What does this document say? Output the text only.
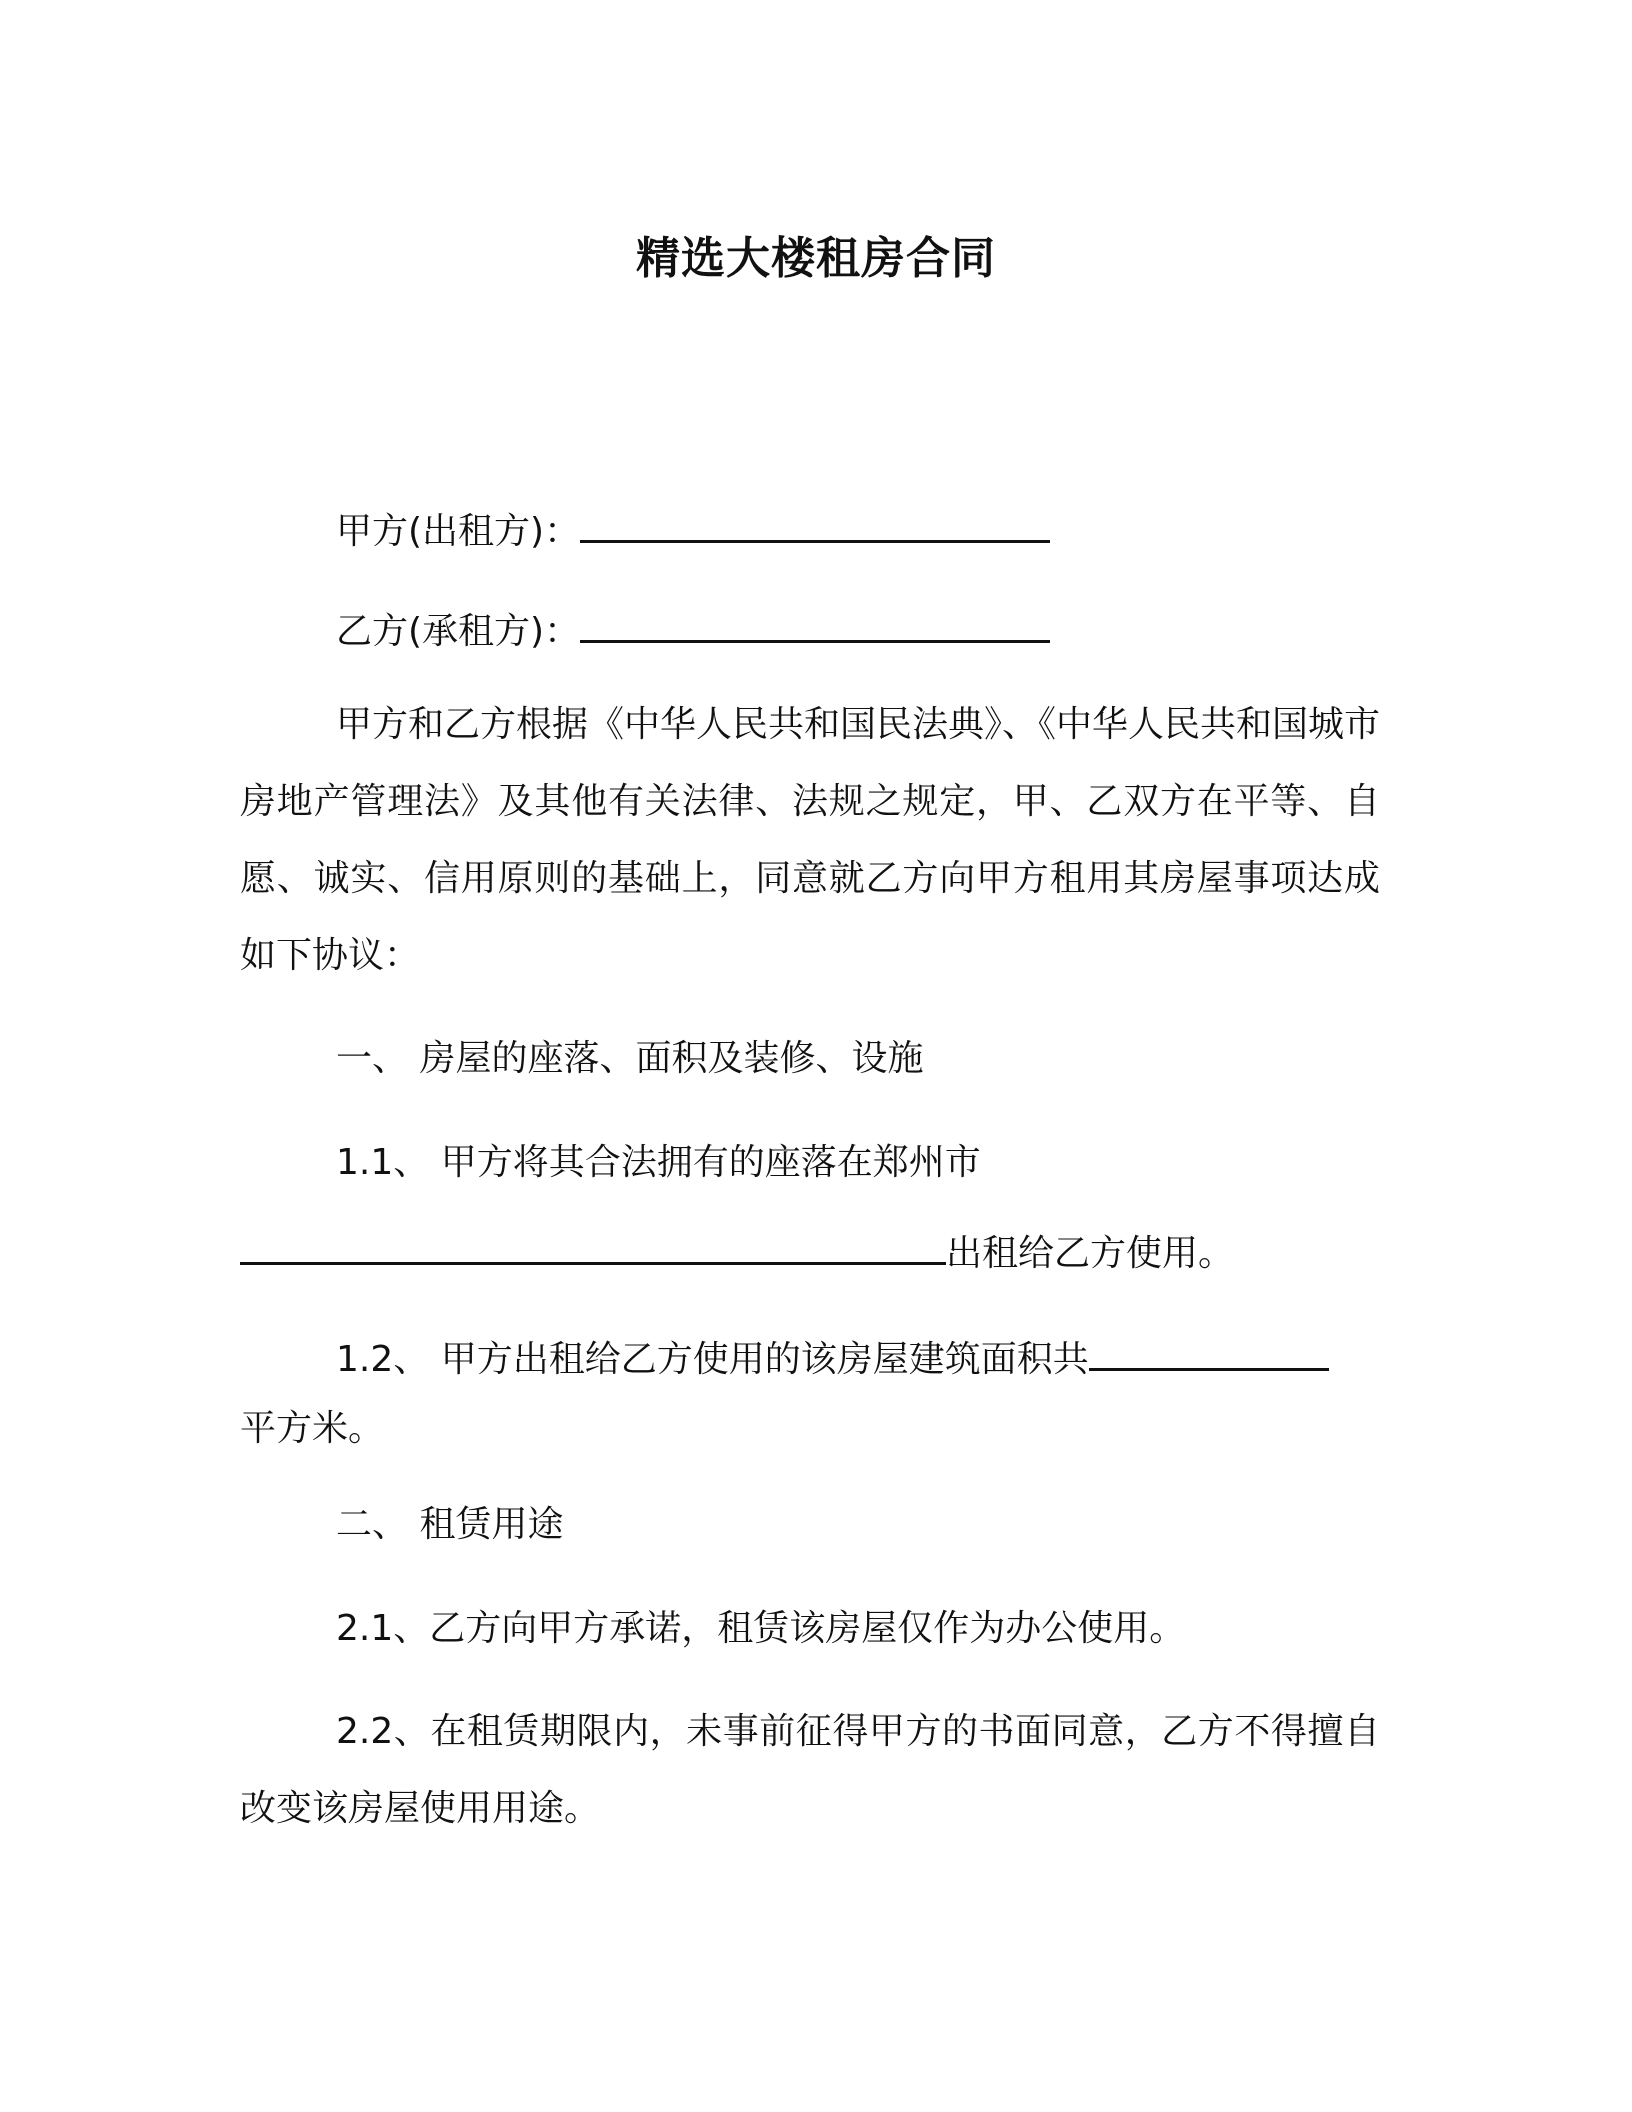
精选大楼租房合同
甲方(出租方)：
乙方(承租方)：
甲方和乙方根据《中华人民共和国民法典》、《中华人民共和国城市房地产管理法》及其他有关法律、法规之规定，甲、乙双方在平等、自愿、诚实、信用原则的基础上，同意就乙方向甲方租用其房屋事项达成如下协议：
一、 房屋的座落、面积及装修、设施
1.1、 甲方将其合法拥有的座落在郑州市
出租给乙方使用。
1.2、 甲方出租给乙方使用的该房屋建筑面积共
平方米。
二、 租赁用途
2.1、乙方向甲方承诺，租赁该房屋仅作为办公使用。
2.2、在租赁期限内，未事前征得甲方的书面同意，乙方不得擅自改变该房屋使用用途。
